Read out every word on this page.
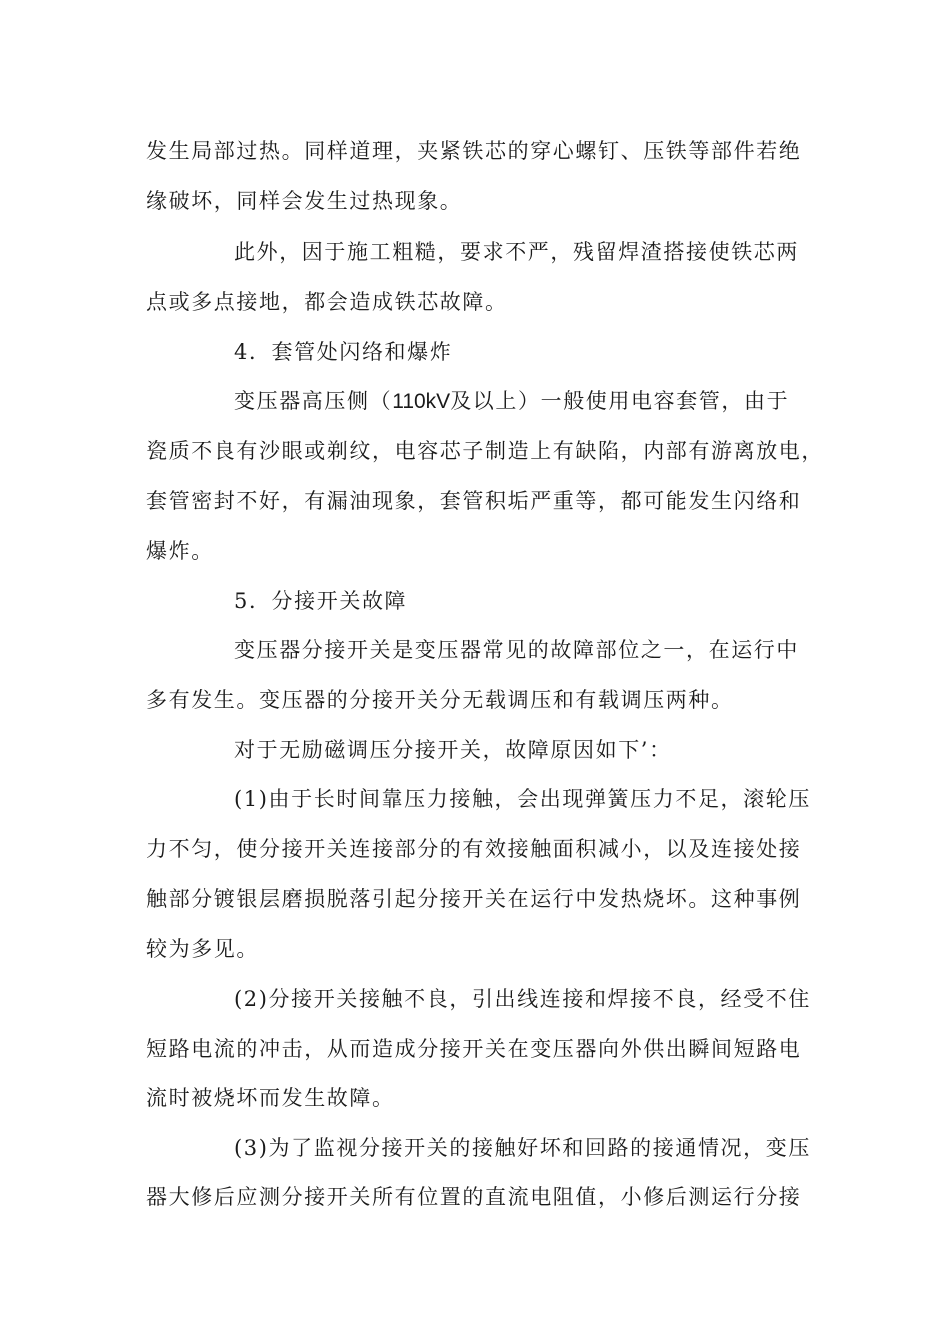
发生局部过热。同样道理，夹紧铁芯的穿心螺钉、压铁等部件若绝
缘破坏，同样会发生过热现象。
此外，因于施工粗糙，要求不严，残留焊渣搭接使铁芯两
点或多点接地，都会造成铁芯故障。
4．套管处闪络和爆炸
变压器高压侧（110kV及以上）一般使用电容套管，由于
瓷质不良有沙眼或剃纹，电容芯子制造上有缺陷，内部有游离放电，
套管密封不好，有漏油现象，套管积垢严重等，都可能发生闪络和
爆炸。
5．分接开关故障
变压器分接开关是变压器常见的故障部位之一，在运行中
多有发生。变压器的分接开关分无载调压和有载调压两种。
对于无励磁调压分接开关，故障原因如下’：
(1)由于长时间靠压力接触，会出现弹簧压力不足，滚轮压
力不匀，使分接开关连接部分的有效接触面积减小，以及连接处接
触部分镀银层磨损脱落引起分接开关在运行中发热烧坏。这种事例
较为多见。
(2)分接开关接触不良，引出线连接和焊接不良，经受不住
短路电流的冲击，从而造成分接开关在变压器向外供出瞬间短路电
流时被烧坏而发生故障。
(3)为了监视分接开关的接触好坏和回路的接通情况，变压
器大修后应测分接开关所有位置的直流电阻值，小修后测运行分接
